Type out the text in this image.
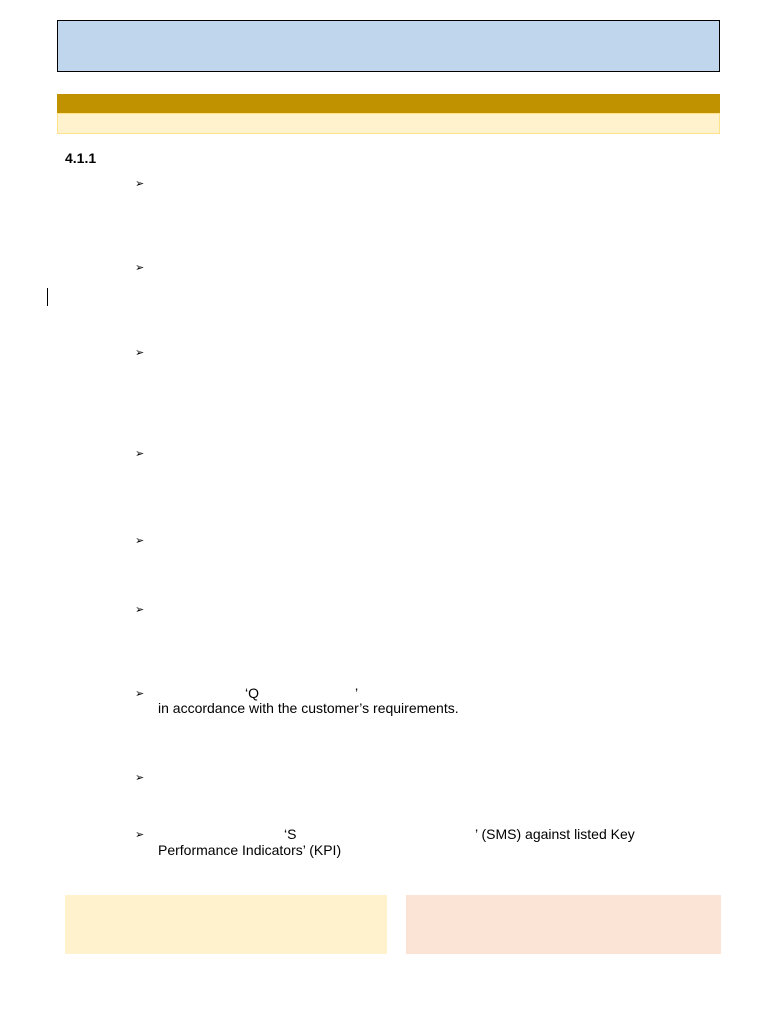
4.1.1
➢
➢
➢
➢
➢
➢
➢
➢
➢
‘Q	’
in accordance with the customer’s requirements.
‘S	’ (SMS) against listed Key
Performance Indicators’ (KPI)
